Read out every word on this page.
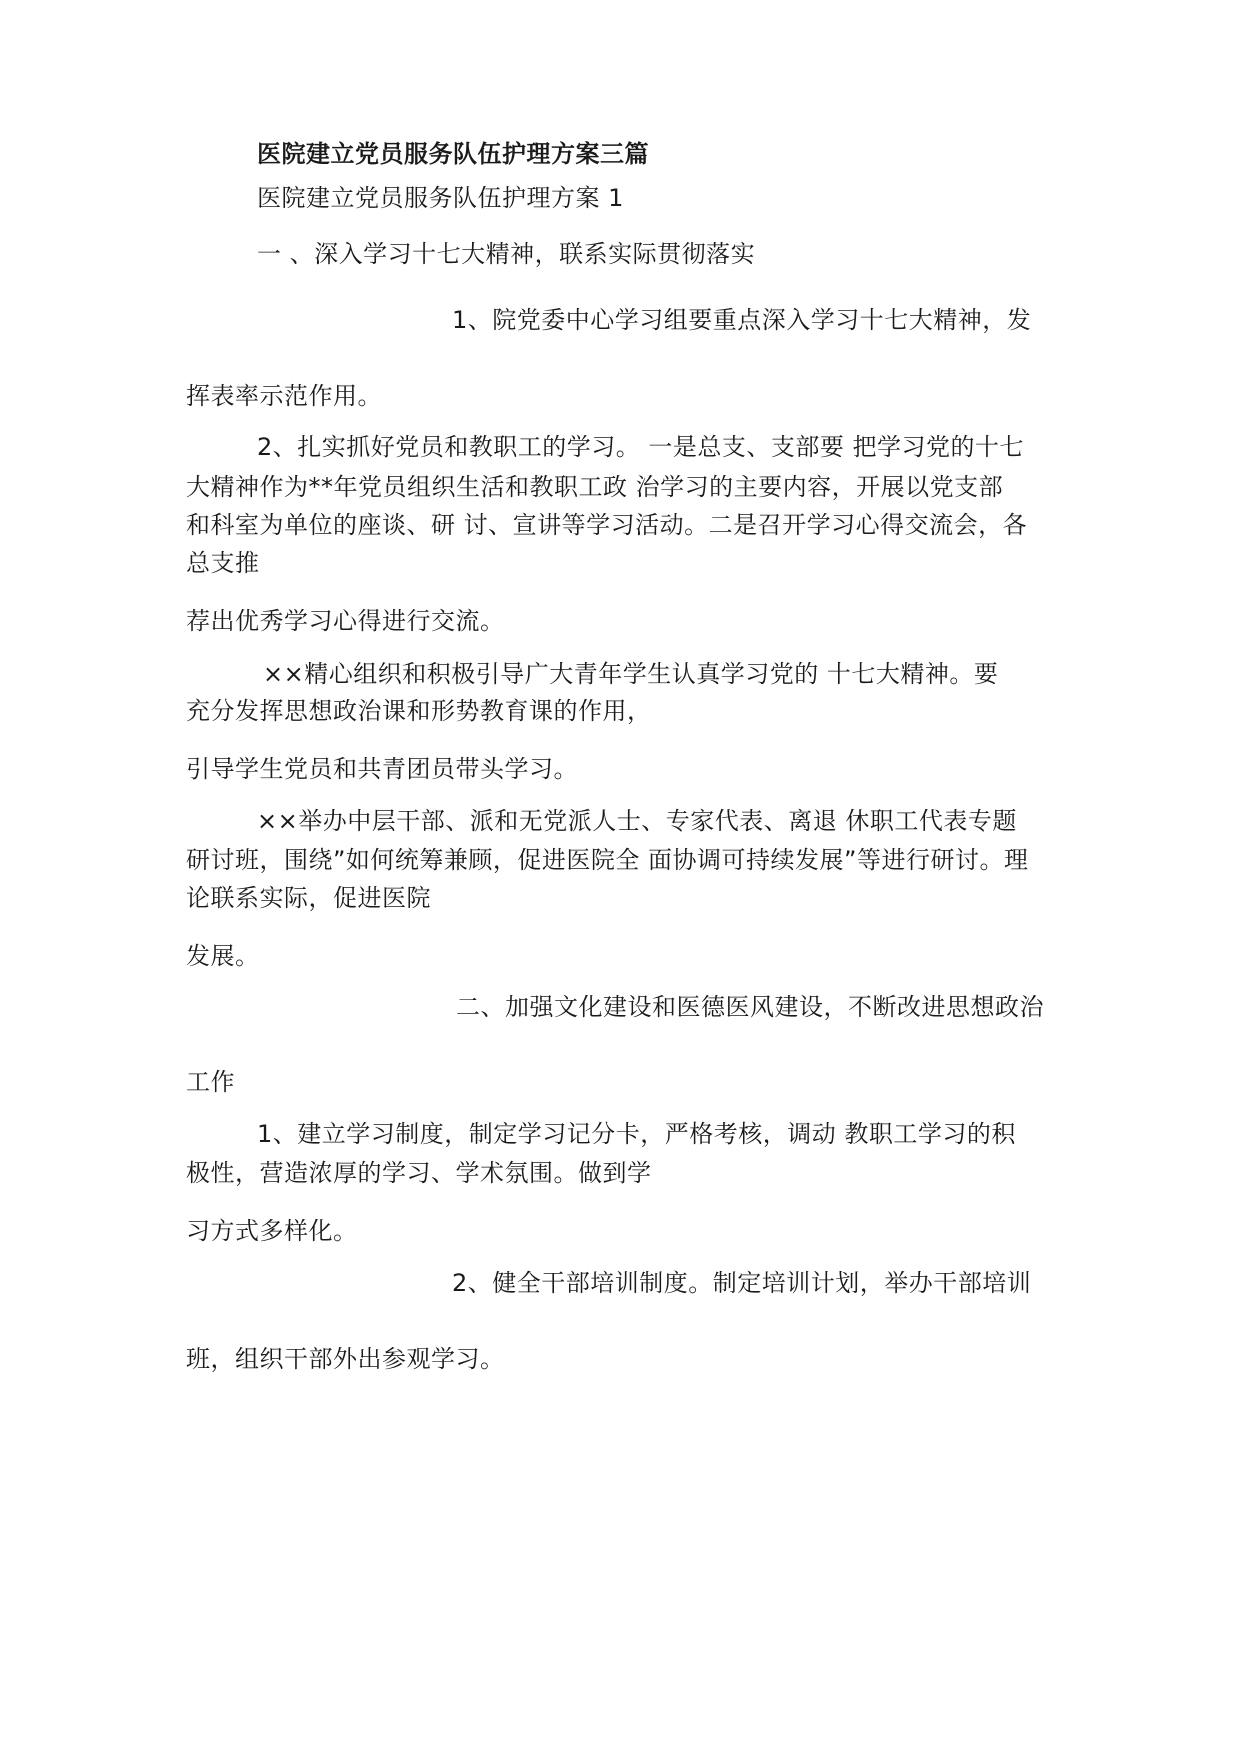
医院建立党员服务队伍护理方案三篇
医院建立党员服务队伍护理方案 1
一 、深入学习十七大精神，联系实际贯彻落实
1、院党委中心学习组要重点深入学习十七大精神，发
挥表率示范作用。
2、扎实抓好党员和教职工的学习。 一是总支、支部要 把学习党的十七
大精神作为**年党员组织生活和教职工政 治学习的主要内容，开展以党支部
和科室为单位的座谈、研 讨、宣讲等学习活动。二是召开学习心得交流会，各
总支推
荐出优秀学习心得进行交流。
××精心组织和积极引导广大青年学生认真学习党的 十七大精神。要
充分发挥思想政治课和形势教育课的作用，
引导学生党员和共青团员带头学习。
××举办中层干部、派和无党派人士、专家代表、离退 休职工代表专题
研讨班，围绕”如何统筹兼顾，促进医院全 面协调可持续发展”等进行研讨。理
论联系实际，促进医院
发展。
二、加强文化建设和医德医风建设，不断改进思想政治
工作
1、建立学习制度，制定学习记分卡，严格考核，调动 教职工学习的积
极性，营造浓厚的学习、学术氛围。做到学
习方式多样化。
2、健全干部培训制度。制定培训计划，举办干部培训
班，组织干部外出参观学习。
